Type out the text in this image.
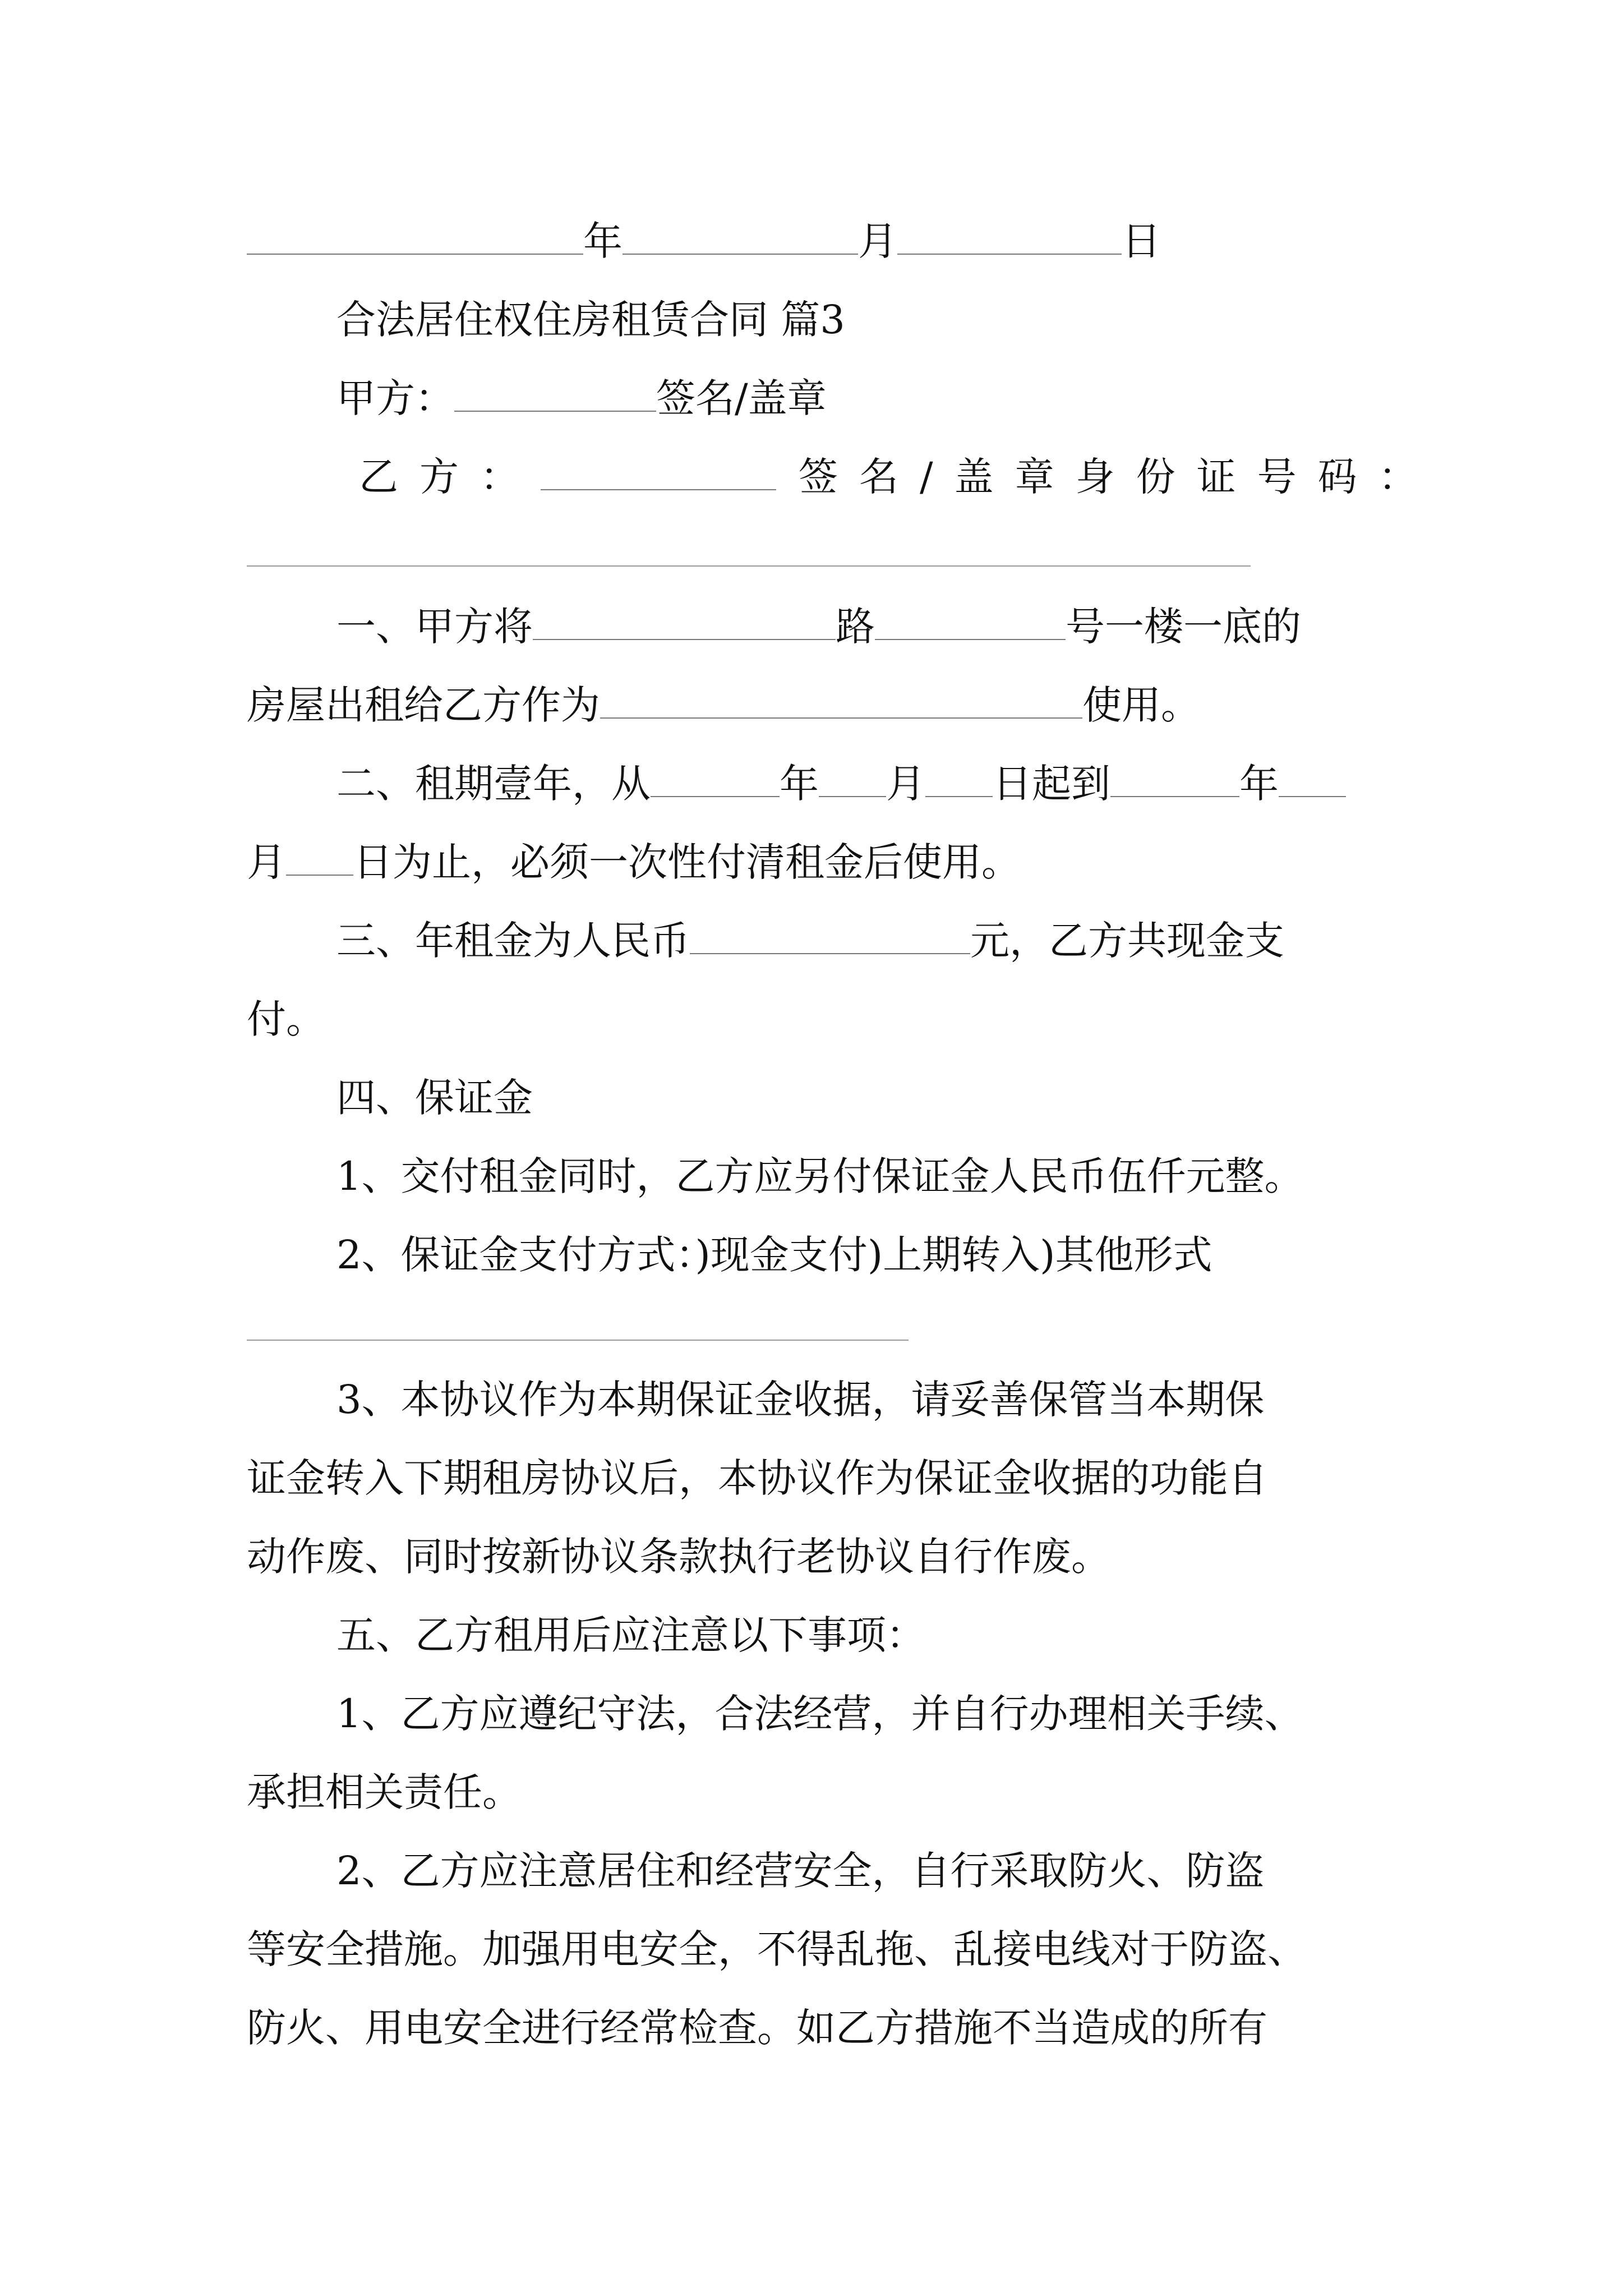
年	月	日
合法居住权住房租赁合同 篇3
甲方：	签名/盖章
乙方：	签名/盖章身份证号码：
一、甲方将	路	号一楼一底的
房屋出租给乙方作为	使用。
二、租期壹年，从	年 月 日起到	年
月 日为止，必须一次性付清租金后使用。
三、年租金为人民币	元，乙方共现金支
付。
四、保证金
1、交付租金同时，乙方应另付保证金人民币伍仟元整。
2、保证金支付方式：)现金支付)上期转入)其他形式
3、本协议作为本期保证金收据，请妥善保管当本期保
证金转入下期租房协议后，本协议作为保证金收据的功能自
动作废、同时按新协议条款执行老协议自行作废。
五、乙方租用后应注意以下事项：
1、乙方应遵纪守法，合法经营，并自行办理相关手续、
承担相关责任。
2、乙方应注意居住和经营安全，自行采取防火、防盗
等安全措施。加强用电安全，不得乱拖、乱接电线对于防盗、
防火、用电安全进行经常检查。如乙方措施不当造成的所有
